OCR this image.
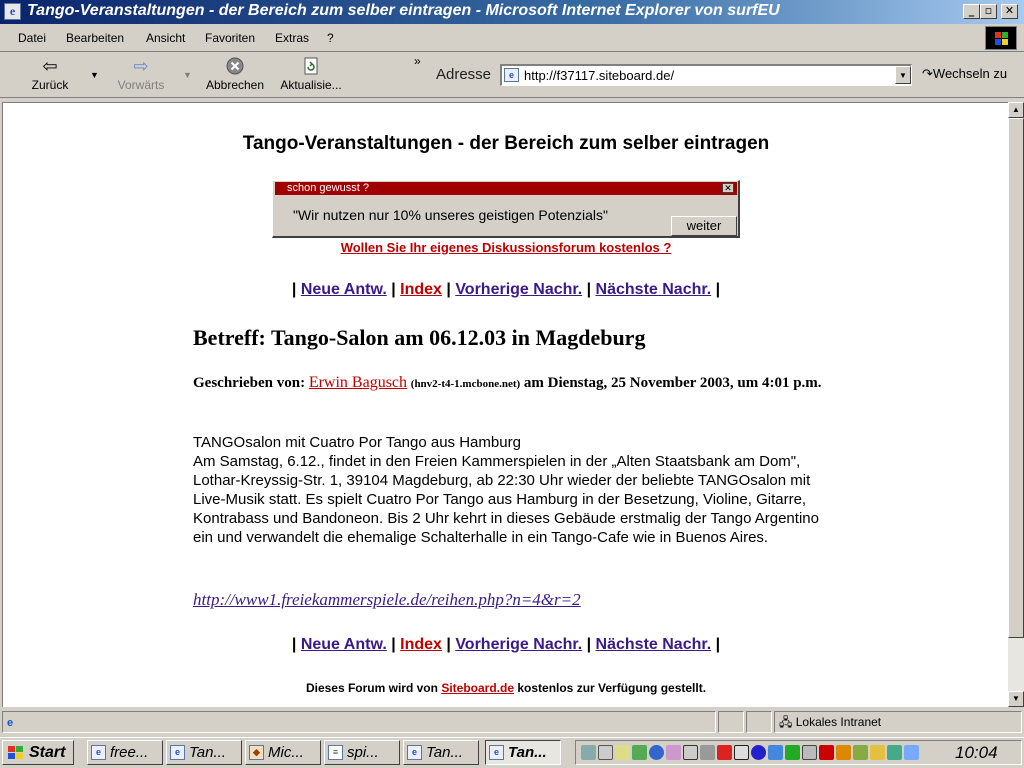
e Tango-Veranstaltungen - der Bereich zum selber eintragen - Microsoft Internet Explorer von surfEU	_ ▫	✕
Datei Bearbeiten Ansicht Favoriten Extras ?
⇦
Zurück
▼	⇨
Vorwärts
▼
Abbrechen	Aktualisie...
»
Adresse	e http://f37117.siteboard.de/	▼	↷Wechseln zu
Tango-Veranstaltungen - der Bereich zum selber eintragen
schon gewusst ?	✕
"Wir nutzen nur 10% unseres geistigen Potenzials"
weiter
Wollen Sie Ihr eigenes Diskussionsforum kostenlos ?
| Neue Antw. | Index | Vorherige Nachr. | Nächste Nachr. |
Betreff: Tango-Salon am 06.12.03 in Magdeburg
Geschrieben von: Erwin Bagusch (hnv2-t4-1.mcbone.net) am Dienstag, 25 November 2003, um 4:01 p.m.
TANGOsalon mit Cuatro Por Tango aus Hamburg
Am Samstag, 6.12., findet in den Freien Kammerspielen in der „Alten Staatsbank am Dom", Lothar-Kreyssig-Str. 1, 39104 Magdeburg, ab 22:30 Uhr wieder der beliebte TANGOsalon mit Live-Musik statt. Es spielt Cuatro Por Tango aus Hamburg in der Besetzung, Violine, Gitarre, Kontrabass und Bandoneon. Bis 2 Uhr kehrt in dieses Gebäude erstmalig der Tango Argentino ein und verwandelt die ehemalige Schalterhalle in ein Tango-Cafe wie in Buenos Aires.
http://www1.freiekammerspiele.de/reihen.php?n=4&r=2
| Neue Antw. | Index | Vorherige Nachr. | Nächste Nachr. |
Dieses Forum wird von Siteboard.de kostenlos zur Verfügung gestellt.
▲
▼
e	🖧 Lokales Intranet
Start	e free...	e Tan...	◆ Mic...	≡ spi...	e Tan...	e Tan...	10:04
